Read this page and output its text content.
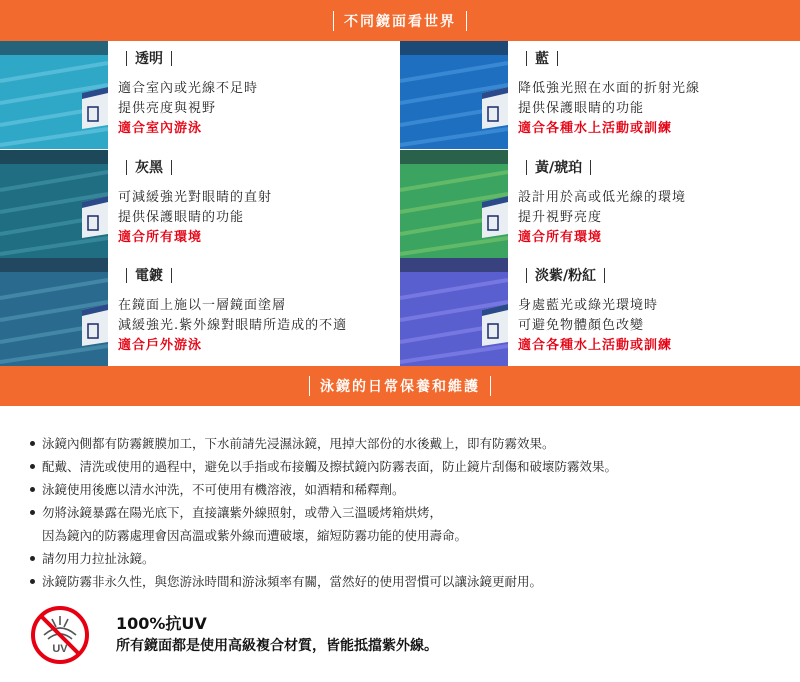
不同鏡面看世界
透明
適合室內或光線不足時
提供亮度與視野
適合室內游泳
藍
降低強光照在水面的折射光線
提供保護眼睛的功能
適合各種水上活動或訓練
灰黑
可減緩強光對眼睛的直射
提供保護眼睛的功能
適合所有環境
黃/琥珀
設計用於高或低光線的環境
提升視野亮度
適合所有環境
電鍍
在鏡面上施以一層鏡面塗層
減緩強光.紫外線對眼睛所造成的不適
適合戶外游泳
淡紫/粉紅
身處藍光或綠光環境時
可避免物體顏色改變
適合各種水上活動或訓練
泳鏡的日常保養和維護
泳鏡內側都有防霧鍍膜加工，下水前請先浸濕泳鏡，甩掉大部份的水後戴上，即有防霧效果。
配戴、清洗或使用的過程中，避免以手指或布接觸及擦拭鏡內防霧表面，防止鏡片刮傷和破壞防霧效果。
泳鏡使用後應以清水沖洗，不可使用有機溶液，如酒精和稀釋劑。
勿將泳鏡暴露在陽光底下，直接讓紫外線照射，或帶入三溫暖烤箱烘烤，
因為鏡內的防霧處理會因高溫或紫外線而遭破壞，縮短防霧功能的使用壽命。
請勿用力拉扯泳鏡。
泳鏡防霧非永久性，與您游泳時間和游泳頻率有關，當然好的使用習慣可以讓泳鏡更耐用。
UV
100%抗UV
所有鏡面都是使用高級複合材質，皆能抵擋紫外線。
